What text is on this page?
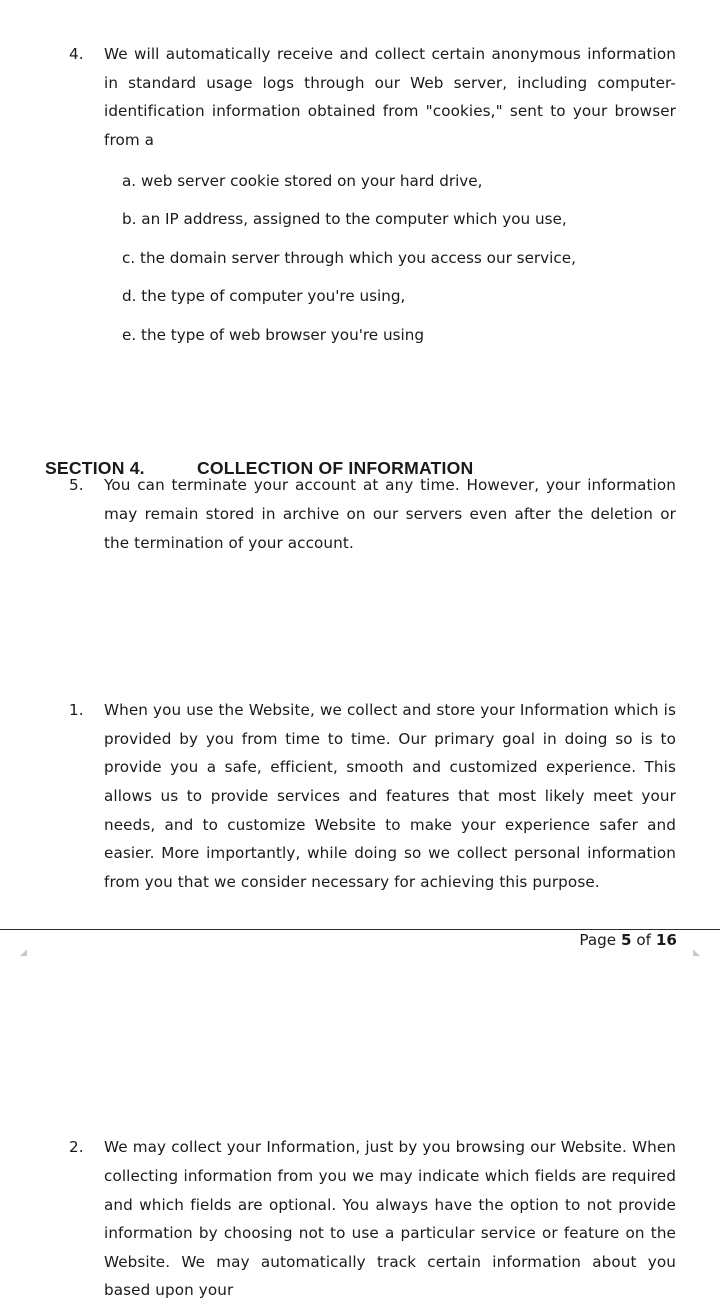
4. We will automatically receive and collect certain anonymous information in standard usage logs through our Web server, including computer-identification information obtained from "cookies," sent to your browser from a
a. web server cookie stored on your hard drive,
b. an IP address, assigned to the computer which you use,
c. the domain server through which you access our service,
d. the type of computer you're using,
e. the type of web browser you're using
5. You can terminate your account at any time. However, your information may remain stored in archive on our servers even after the deletion or the termination of your account.
SECTION 4.	COLLECTION OF INFORMATION
1. When you use the Website, we collect and store your Information which is provided by you from time to time. Our primary goal in doing so is to provide you a safe, efficient, smooth and customized experience. This allows us to provide services and features that most likely meet your needs, and to customize Website to make your experience safer and easier. More importantly, while doing so we collect personal information from you that we consider necessary for achieving this purpose.
2. We may collect your Information, just by you browsing our Website. When collecting information from you we may indicate which fields are required and which fields are optional. You always have the option to not provide information by choosing not to use a particular service or feature on the Website. We may automatically track certain information about you based upon your
Page 5 of 16
◢	◣
